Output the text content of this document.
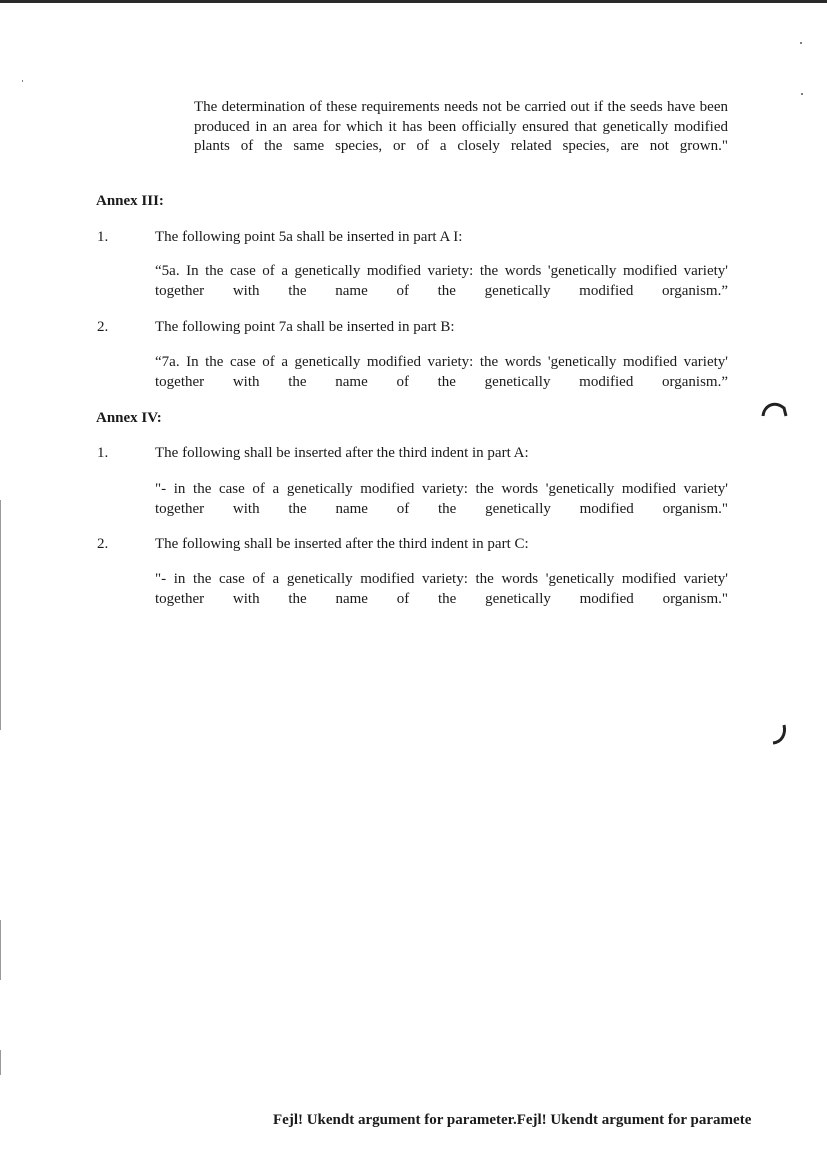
The determination of these requirements needs not be carried out if the seeds have been produced in an area for which it has been officially ensured that genetically modified plants of the same species, or of a closely related species, are not grown."

Annex III:

1.	The following point 5a shall be inserted in part A I:

“5a. In the case of a genetically modified variety: the words 'genetically modified variety' together with the name of the genetically modified organism.”

2.	The following point 7a shall be inserted in part B:

“7a. In the case of a genetically modified variety: the words 'genetically modified variety' together with the name of the genetically modified organism.”

Annex IV:

1.	The following shall be inserted after the third indent in part A:

"- in the case of a genetically modified variety: the words 'genetically modified variety' together with the name of the genetically modified organism."

2.	The following shall be inserted after the third indent in part C:

"- in the case of a genetically modified variety: the words 'genetically modified variety' together with the name of the genetically modified organism."

Fejl! Ukendt argument for parameter.Fejl! Ukendt argument for paramete
